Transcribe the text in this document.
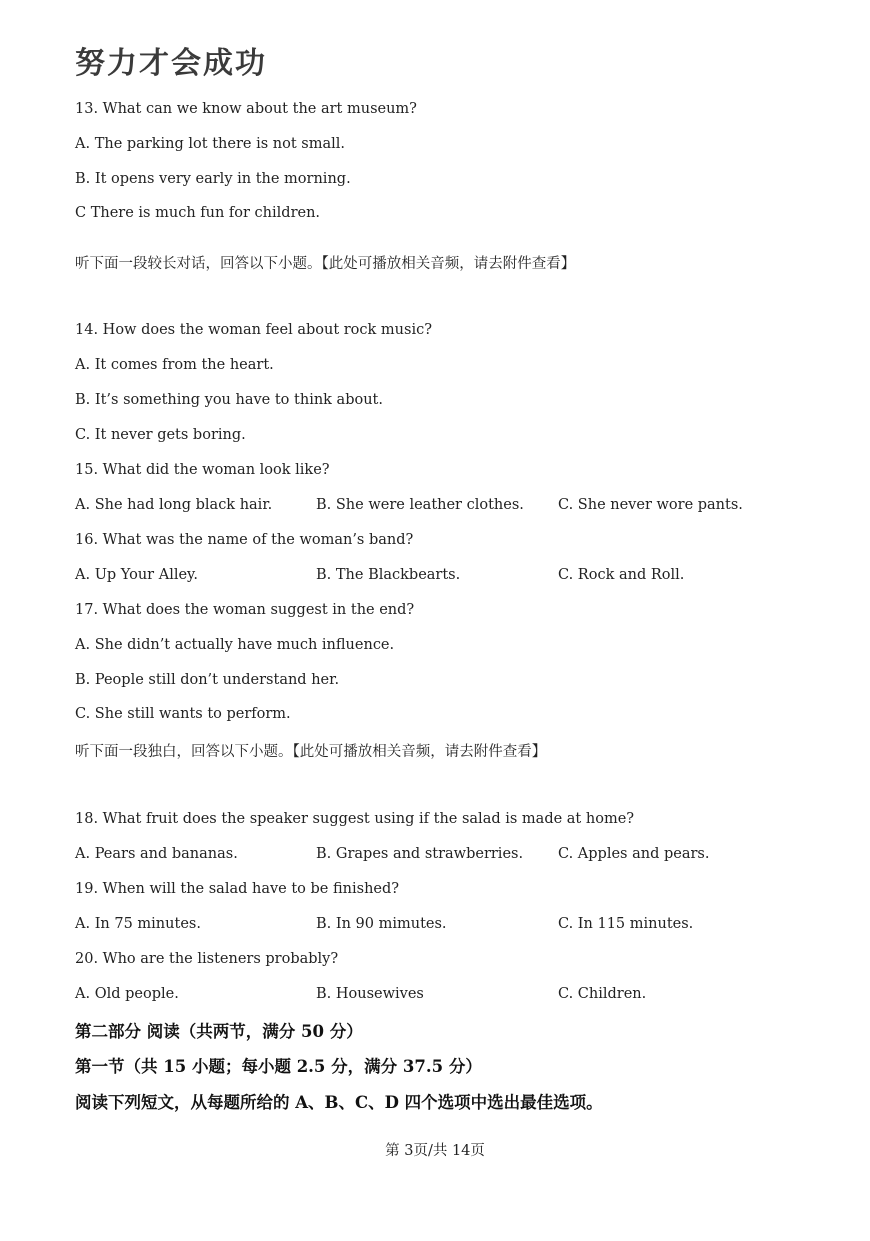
努力才会成功
13. What can we know about the art museum?
A. The parking lot there is not small.
B. It opens very early in the morning.
C There is much fun for children.
听下面一段较长对话，回答以下小题。【此处可播放相关音频，请去附件查看】
14. How does the woman feel about rock music?
A. It comes from the heart.
B. It’s something you have to think about.
C. It never gets boring.
15. What did the woman look like?
A. She had long black hair.	B. She were leather clothes. C. She never wore pants.
16. What was the name of the woman’s band?
A. Up Your Alley.	B. The Blackbearts.	C. Rock and Roll.
17. What does the woman suggest in the end?
A. She didn’t actually have much influence.
B. People still don’t understand her.
C. She still wants to perform.
听下面一段独白，回答以下小题。【此处可播放相关音频，请去附件查看】
18. What fruit does the speaker suggest using if the salad is made at home?
A. Pears and bananas.	B. Grapes and strawberries. C. Apples and pears.
19. When will the salad have to be finished?
A. In 75 minutes.	B. In 90 mimutes.	C. In 115 minutes.
20. Who are the listeners probably?
A. Old people.	B. Housewives	C. Children.
第二部分 阅读（共两节，满分 50 分）
第一节（共 15 小题；每小题 2.5 分，满分 37.5 分）
阅读下列短文，从每题所给的 A、B、C、D 四个选项中选出最佳选项。
第 3页/共 14页
